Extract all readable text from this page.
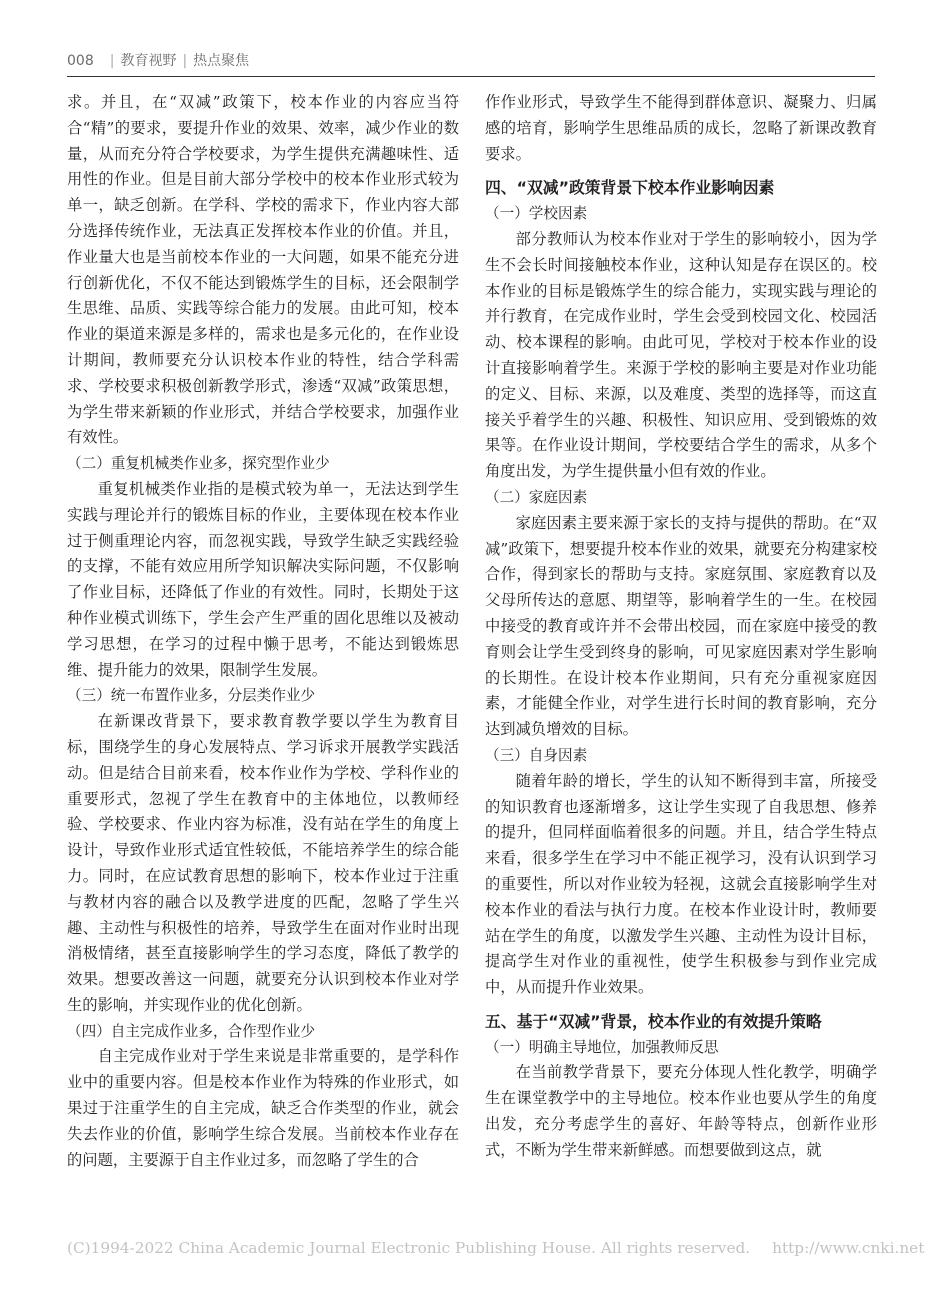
008 | 教育视野 | 热点聚焦

求。并且，在“双减”政策下，校本作业的内容应当符合“精”的要求，要提升作业的效果、效率，减少作业的数量，从而充分符合学校要求，为学生提供充满趣味性、适用性的作业。但是目前大部分学校中的校本作业形式较为单一，缺乏创新。在学科、学校的需求下，作业内容大部分选择传统作业，无法真正发挥校本作业的价值。并且，作业量大也是当前校本作业的一大问题，如果不能充分进行创新优化，不仅不能达到锻炼学生的目标，还会限制学生思维、品质、实践等综合能力的发展。由此可知，校本作业的渠道来源是多样的，需求也是多元化的，在作业设计期间，教师要充分认识校本作业的特性，结合学科需求、学校要求积极创新教学形式，渗透“双减”政策思想，为学生带来新颖的作业形式，并结合学校要求，加强作业有效性。

（二）重复机械类作业多，探究型作业少

重复机械类作业指的是模式较为单一，无法达到学生实践与理论并行的锻炼目标的作业，主要体现在校本作业过于侧重理论内容，而忽视实践，导致学生缺乏实践经验的支撑，不能有效应用所学知识解决实际问题，不仅影响了作业目标，还降低了作业的有效性。同时，长期处于这种作业模式训练下，学生会产生严重的固化思维以及被动学习思想，在学习的过程中懒于思考，不能达到锻炼思维、提升能力的效果，限制学生发展。

（三）统一布置作业多，分层类作业少

在新课改背景下，要求教育教学要以学生为教育目标，围绕学生的身心发展特点、学习诉求开展教学实践活动。但是结合目前来看，校本作业作为学校、学科作业的重要形式，忽视了学生在教育中的主体地位，以教师经验、学校要求、作业内容为标准，没有站在学生的角度上设计，导致作业形式适宜性较低，不能培养学生的综合能力。同时，在应试教育思想的影响下，校本作业过于注重与教材内容的融合以及教学进度的匹配，忽略了学生兴趣、主动性与积极性的培养，导致学生在面对作业时出现消极情绪，甚至直接影响学生的学习态度，降低了教学的效果。想要改善这一问题，就要充分认识到校本作业对学生的影响，并实现作业的优化创新。

（四）自主完成作业多，合作型作业少

自主完成作业对于学生来说是非常重要的，是学科作业中的重要内容。但是校本作业作为特殊的作业形式，如果过于注重学生的自主完成，缺乏合作类型的作业，就会失去作业的价值，影响学生综合发展。当前校本作业存在的问题，主要源于自主作业过多，而忽略了学生的合

作作业形式，导致学生不能得到群体意识、凝聚力、归属感的培育，影响学生思维品质的成长，忽略了新课改教育要求。

四、“双减”政策背景下校本作业影响因素
（一）学校因素

部分教师认为校本作业对于学生的影响较小，因为学生不会长时间接触校本作业，这种认知是存在误区的。校本作业的目标是锻炼学生的综合能力，实现实践与理论的并行教育，在完成作业时，学生会受到校园文化、校园活动、校本课程的影响。由此可见，学校对于校本作业的设计直接影响着学生。来源于学校的影响主要是对作业功能的定义、目标、来源，以及难度、类型的选择等，而这直接关乎着学生的兴趣、积极性、知识应用、受到锻炼的效果等。在作业设计期间，学校要结合学生的需求，从多个角度出发，为学生提供量小但有效的作业。

（二）家庭因素

家庭因素主要来源于家长的支持与提供的帮助。在“双减”政策下，想要提升校本作业的效果，就要充分构建家校合作，得到家长的帮助与支持。家庭氛围、家庭教育以及父母所传达的意愿、期望等，影响着学生的一生。在校园中接受的教育或许并不会带出校园，而在家庭中接受的教育则会让学生受到终身的影响，可见家庭因素对学生影响的长期性。在设计校本作业期间，只有充分重视家庭因素，才能健全作业，对学生进行长时间的教育影响，充分达到减负增效的目标。

（三）自身因素

随着年龄的增长，学生的认知不断得到丰富，所接受的知识教育也逐渐增多，这让学生实现了自我思想、修养的提升，但同样面临着很多的问题。并且，结合学生特点来看，很多学生在学习中不能正视学习，没有认识到学习的重要性，所以对作业较为轻视，这就会直接影响学生对校本作业的看法与执行力度。在校本作业设计时，教师要站在学生的角度，以激发学生兴趣、主动性为设计目标，提高学生对作业的重视性，使学生积极参与到作业完成中，从而提升作业效果。

五、基于“双减”背景，校本作业的有效提升策略
（一）明确主导地位，加强教师反思

在当前教学背景下，要充分体现人性化教学，明确学生在课堂教学中的主导地位。校本作业也要从学生的角度出发，充分考虑学生的喜好、年龄等特点，创新作业形式，不断为学生带来新鲜感。而想要做到这点，就

(C)1994-2022 China Academic Journal Electronic Publishing House. All rights reserved. http://www.cnki.net
